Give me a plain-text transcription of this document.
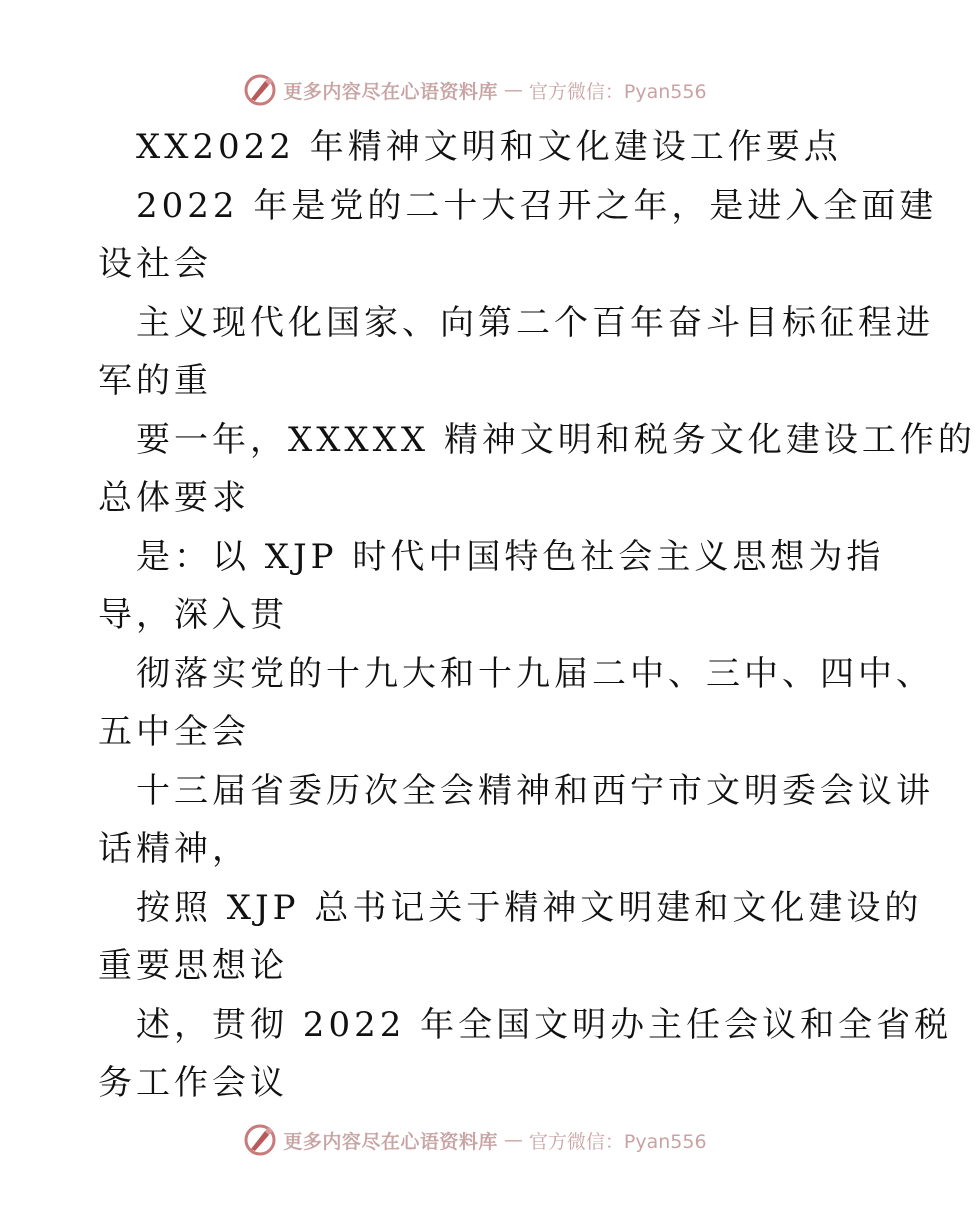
更多内容尽在心语资料库 — 官方微信：Pyan556
XX2022 年精神文明和文化建设工作要点
2022 年是党的二十大召开之年，是进入全面建
设社会
主义现代化国家、向第二个百年奋斗目标征程进
军的重
要一年，XXXXX 精神文明和税务文化建设工作的
总体要求
是：以 XJP 时代中国特色社会主义思想为指
导，深入贯
彻落实党的十九大和十九届二中、三中、四中、
五中全会
十三届省委历次全会精神和西宁市文明委会议讲
话精神，
按照 XJP 总书记关于精神文明建和文化建设的
重要思想论
述，贯彻 2022 年全国文明办主任会议和全省税
务工作会议
更多内容尽在心语资料库 — 官方微信：Pyan556
